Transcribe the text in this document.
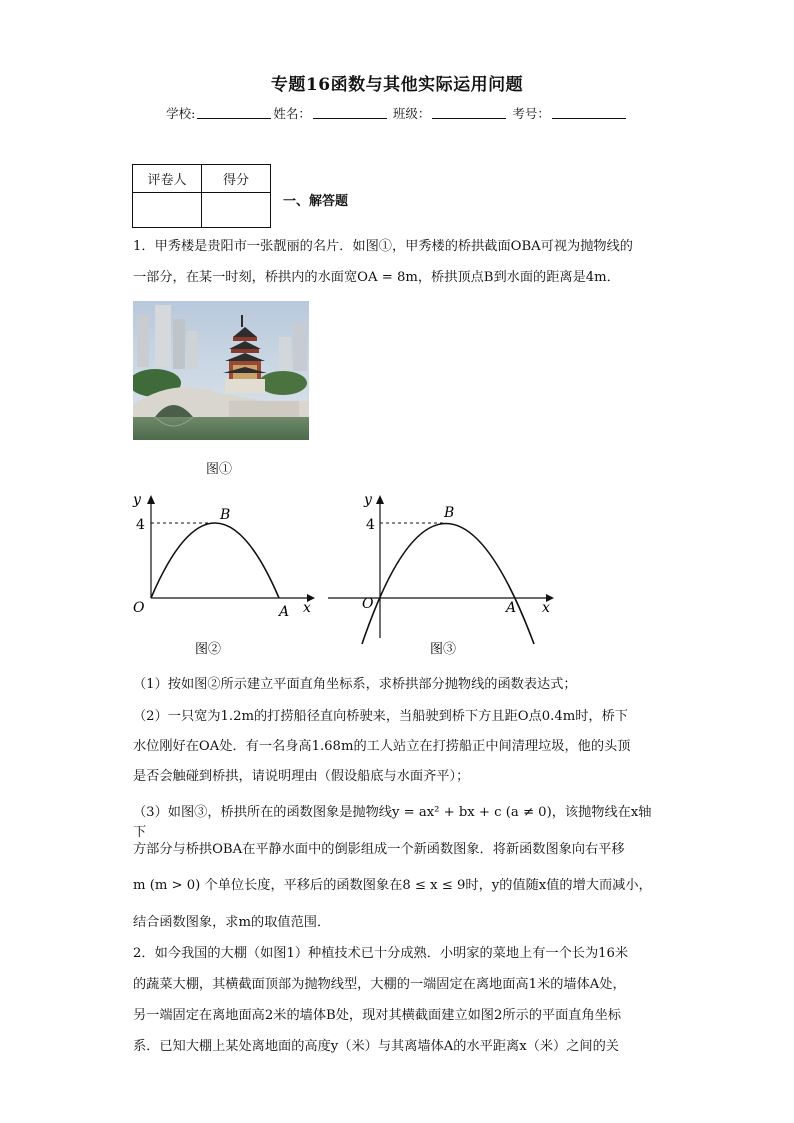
专题16函数与其他实际运用问题
学校:	姓名：	班级：	考号：
评卷人	得分

一、解答题
1．甲秀楼是贵阳市一张靓丽的名片．如图①，甲秀楼的桥拱截面OBA可视为抛物线的
一部分，在某一时刻，桥拱内的水面宽OA = 8m，桥拱顶点B到水面的距离是4m．
图①
y
x
O	A
B
4
图②
y
x
O	A
B
4
图③
（1）按如图②所示建立平面直角坐标系，求桥拱部分抛物线的函数表达式；
（2）一只宽为1.2m的打捞船径直向桥驶来，当船驶到桥下方且距O点0.4m时，桥下
水位刚好在OA处．有一名身高1.68m的工人站立在打捞船正中间清理垃圾，他的头顶
是否会触碰到桥拱，请说明理由（假设船底与水面齐平）；
（3）如图③，桥拱所在的函数图象是抛物线y = ax² + bx + c (a ≠ 0)，该抛物线在x轴下
方部分与桥拱OBA在平静水面中的倒影组成一个新函数图象．将新函数图象向右平移
m (m > 0) 个单位长度，平移后的函数图象在8 ≤ x ≤ 9时，y的值随x值的增大而减小，
结合函数图象，求m的取值范围．
2．如今我国的大棚（如图1）种植技术已十分成熟．小明家的菜地上有一个长为16米
的蔬菜大棚，其横截面顶部为抛物线型，大棚的一端固定在离地面高1米的墙体A处，
另一端固定在离地面高2米的墙体B处，现对其横截面建立如图2所示的平面直角坐标
系．已知大棚上某处离地面的高度y（米）与其离墙体A的水平距离x（米）之间的关
